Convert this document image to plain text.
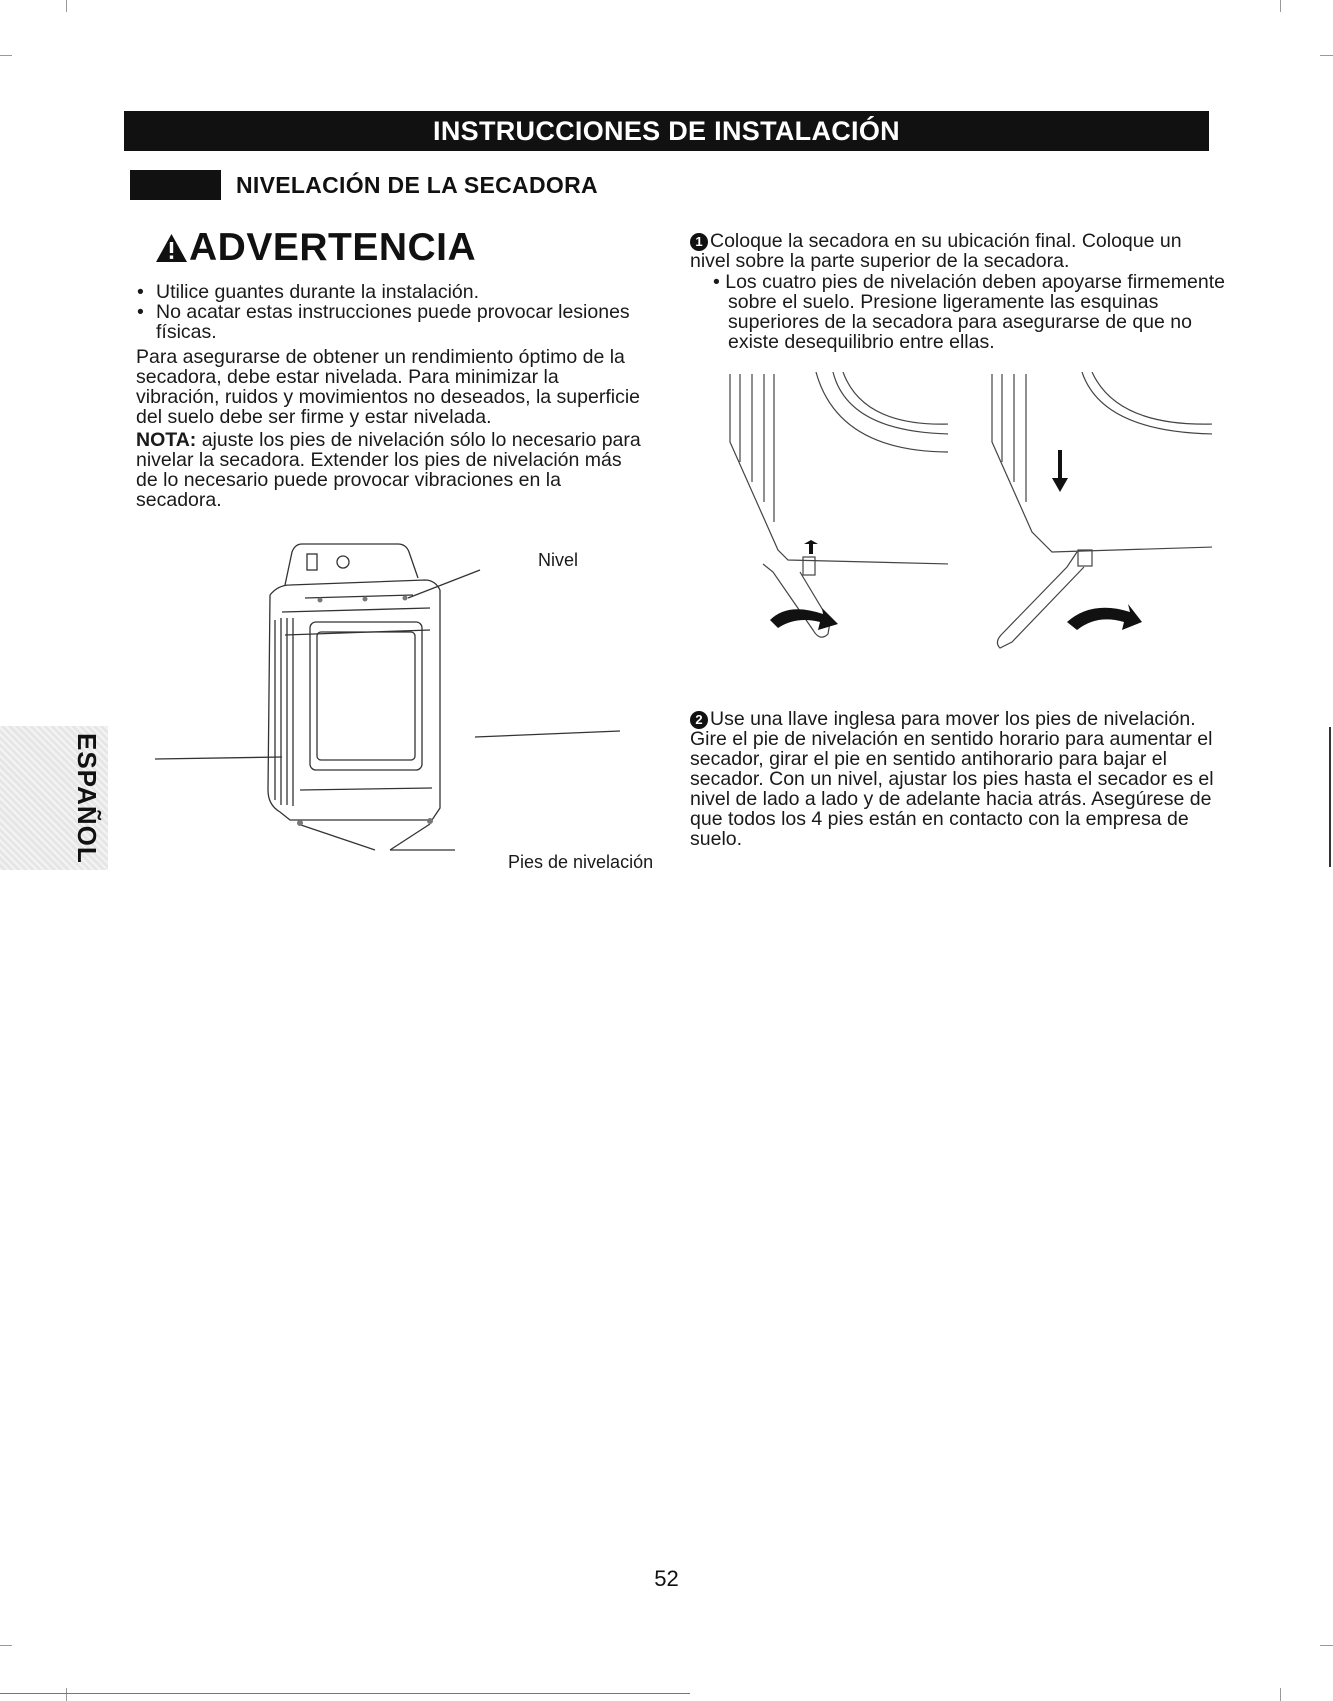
INSTRUCCIONES DE INSTALACIÓN
NIVELACIÓN DE LA SECADORA
ADVERTENCIA
• Utilice guantes durante la instalación.
• No acatar estas instrucciones puede provocar lesiones físicas.

Para asegurarse de obtener un rendimiento óptimo de la secadora, debe estar nivelada. Para minimizar la vibración, ruidos y movimientos no deseados, la superficie del suelo debe ser firme y estar nivelada.

NOTA: ajuste los pies de nivelación sólo lo necesario para nivelar la secadora. Extender los pies de nivelación más de lo necesario puede provocar vibraciones en la secadora.

Nivel
Pies de nivelación
ESPAÑOL

1 Coloque la secadora en su ubicación final. Coloque un nivel sobre la parte superior de la secadora.

• Los cuatro pies de nivelación deben apoyarse firmemente sobre el suelo. Presione ligeramente las esquinas superiores de la secadora para asegurarse de que no existe desequilibrio entre ellas.

2 Use una llave inglesa para mover los pies de nivelación. Gire el pie de nivelación en sentido horario para aumentar el secador, girar el pie en sentido antihorario para bajar el secador. Con un nivel, ajustar los pies hasta el secador es el nivel de lado a lado y de adelante hacia atrás. Asegúrese de que todos los 4 pies están en contacto con la empresa de suelo.

52
